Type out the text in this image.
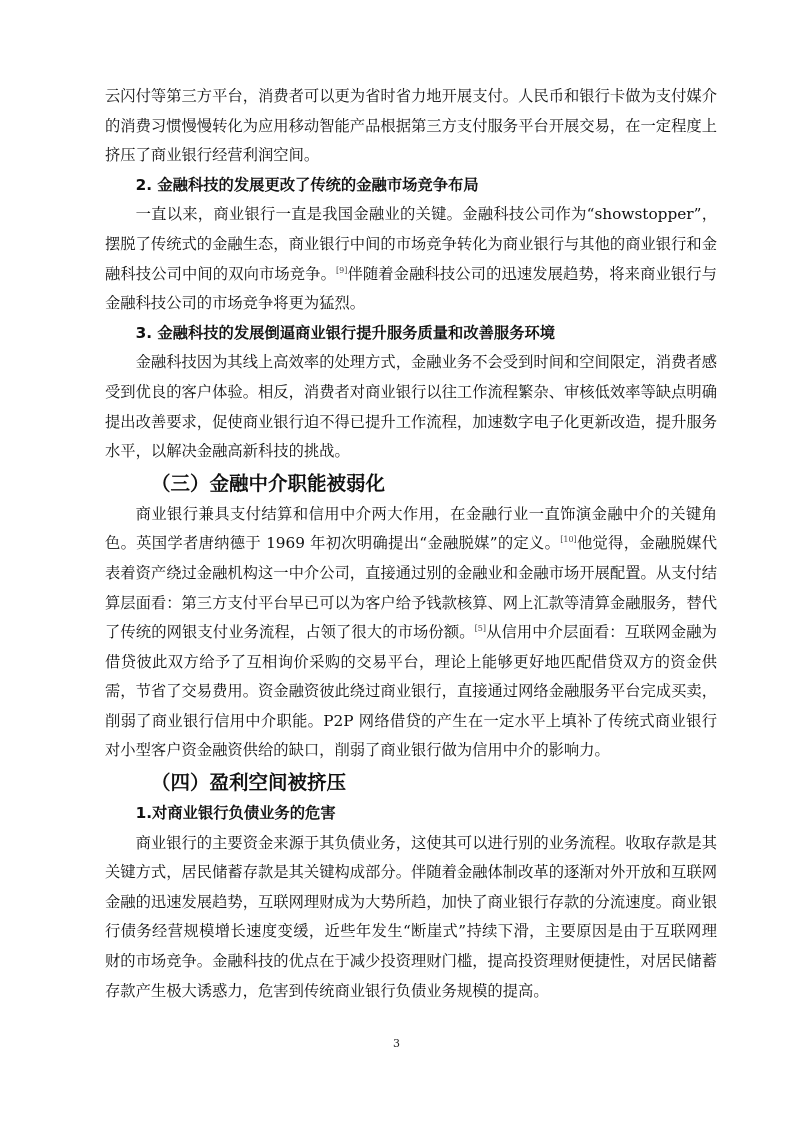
云闪付等第三方平台，消费者可以更为省时省力地开展支付。人民币和银行卡做为支付媒介的消费习惯慢慢转化为应用移动智能产品根据第三方支付服务平台开展交易，在一定程度上挤压了商业银行经营利润空间。

2. 金融科技的发展更改了传统的金融市场竞争布局

一直以来，商业银行一直是我国金融业的关键。金融科技公司作为“showstopper”，摆脱了传统式的金融生态，商业银行中间的市场竞争转化为商业银行与其他的商业银行和金融科技公司中间的双向市场竞争。[9]伴随着金融科技公司的迅速发展趋势，将来商业银行与金融科技公司的市场竞争将更为猛烈。

3. 金融科技的发展倒逼商业银行提升服务质量和改善服务环境

金融科技因为其线上高效率的处理方式，金融业务不会受到时间和空间限定，消费者感受到优良的客户体验。相反，消费者对商业银行以往工作流程繁杂、审核低效率等缺点明确提出改善要求，促使商业银行迫不得已提升工作流程，加速数字电子化更新改造，提升服务水平，以解决金融高新科技的挑战。

（三）金融中介职能被弱化

商业银行兼具支付结算和信用中介两大作用，在金融行业一直饰演金融中介的关键角色。英国学者唐纳德于 1969 年初次明确提出“金融脱媒”的定义。[10]他觉得，金融脱媒代表着资产绕过金融机构这一中介公司，直接通过别的金融业和金融市场开展配置。从支付结算层面看：第三方支付平台早已可以为客户给予钱款核算、网上汇款等清算金融服务，替代了传统的网银支付业务流程，占领了很大的市场份额。[5]从信用中介层面看：互联网金融为借贷彼此双方给予了互相询价采购的交易平台，理论上能够更好地匹配借贷双方的资金供需，节省了交易费用。资金融资彼此绕过商业银行，直接通过网络金融服务平台完成买卖，削弱了商业银行信用中介职能。P2P 网络借贷的产生在一定水平上填补了传统式商业银行对小型客户资金融资供给的缺口，削弱了商业银行做为信用中介的影响力。

（四）盈利空间被挤压
1.对商业银行负债业务的危害

商业银行的主要资金来源于其负债业务，这使其可以进行别的业务流程。收取存款是其关键方式，居民储蓄存款是其关键构成部分。伴随着金融体制改革的逐渐对外开放和互联网金融的迅速发展趋势，互联网理财成为大势所趋，加快了商业银行存款的分流速度。商业银行债务经营规模增长速度变缓，近些年发生“断崖式”持续下滑，主要原因是由于互联网理财的市场竞争。金融科技的优点在于减少投资理财门槛，提高投资理财便捷性，对居民储蓄存款产生极大诱惑力，危害到传统商业银行负债业务规模的提高。

3
